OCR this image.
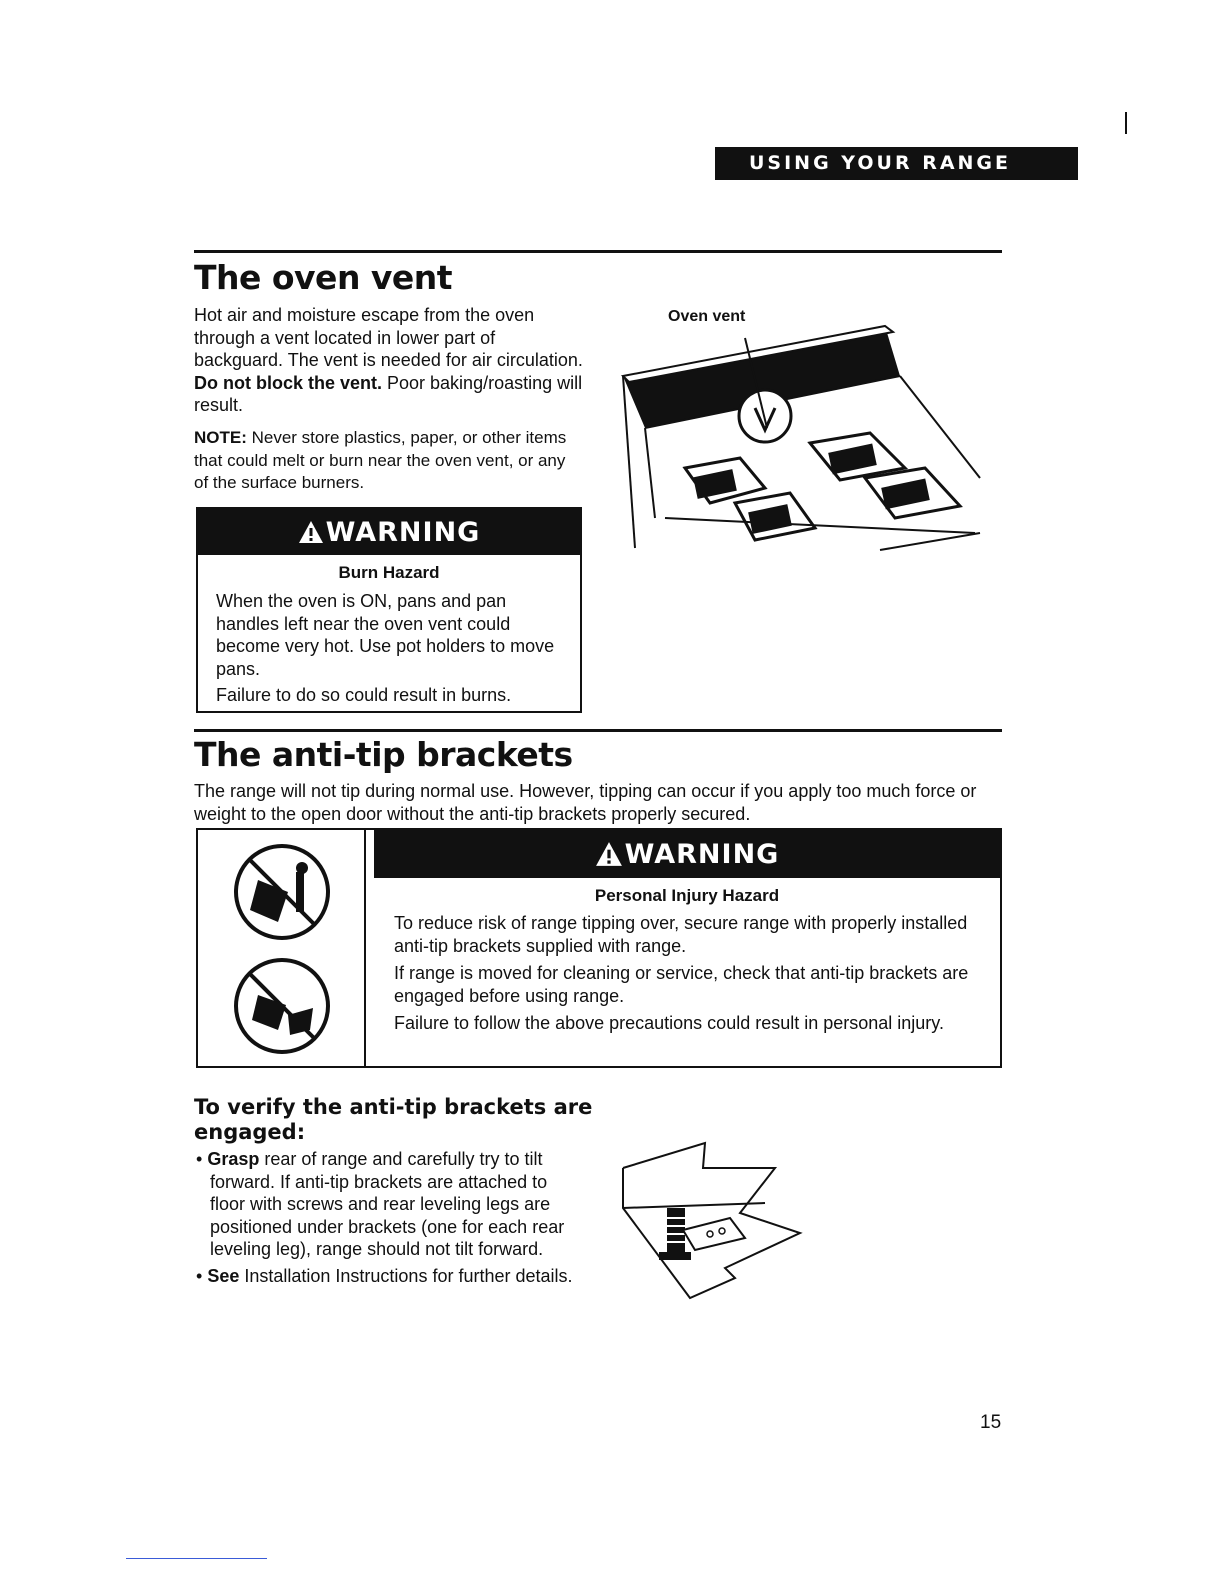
USING YOUR RANGE
The oven vent

Hot air and moisture escape from the oven through a vent located in lower part of backguard. The vent is needed for air circulation. Do not block the vent. Poor baking/roasting will result.

NOTE: Never store plastics, paper, or other items that could melt or burn near the oven vent, or any of the surface burners.

WARNING
Burn Hazard

When the oven is ON, pans and pan handles left near the oven vent could become very hot. Use pot holders to move pans.

Failure to do so could result in burns.

Oven vent
The anti-tip brackets

The range will not tip during normal use. However, tipping can occur if you apply too much force or weight to the open door without the anti-tip brackets properly secured.

WARNING
Personal Injury Hazard

To reduce risk of range tipping over, secure range with properly installed anti-tip brackets supplied with range.

If range is moved for cleaning or service, check that anti-tip brackets are engaged before using range.

Failure to follow the above precautions could result in personal injury.

To verify the anti-tip brackets are engaged:
• Grasp rear of range and carefully try to tilt forward. If anti-tip brackets are attached to floor with screws and rear leveling legs are positioned under brackets (one for each rear leveling leg), range should not tilt forward.
• See Installation Instructions for further details.
15
